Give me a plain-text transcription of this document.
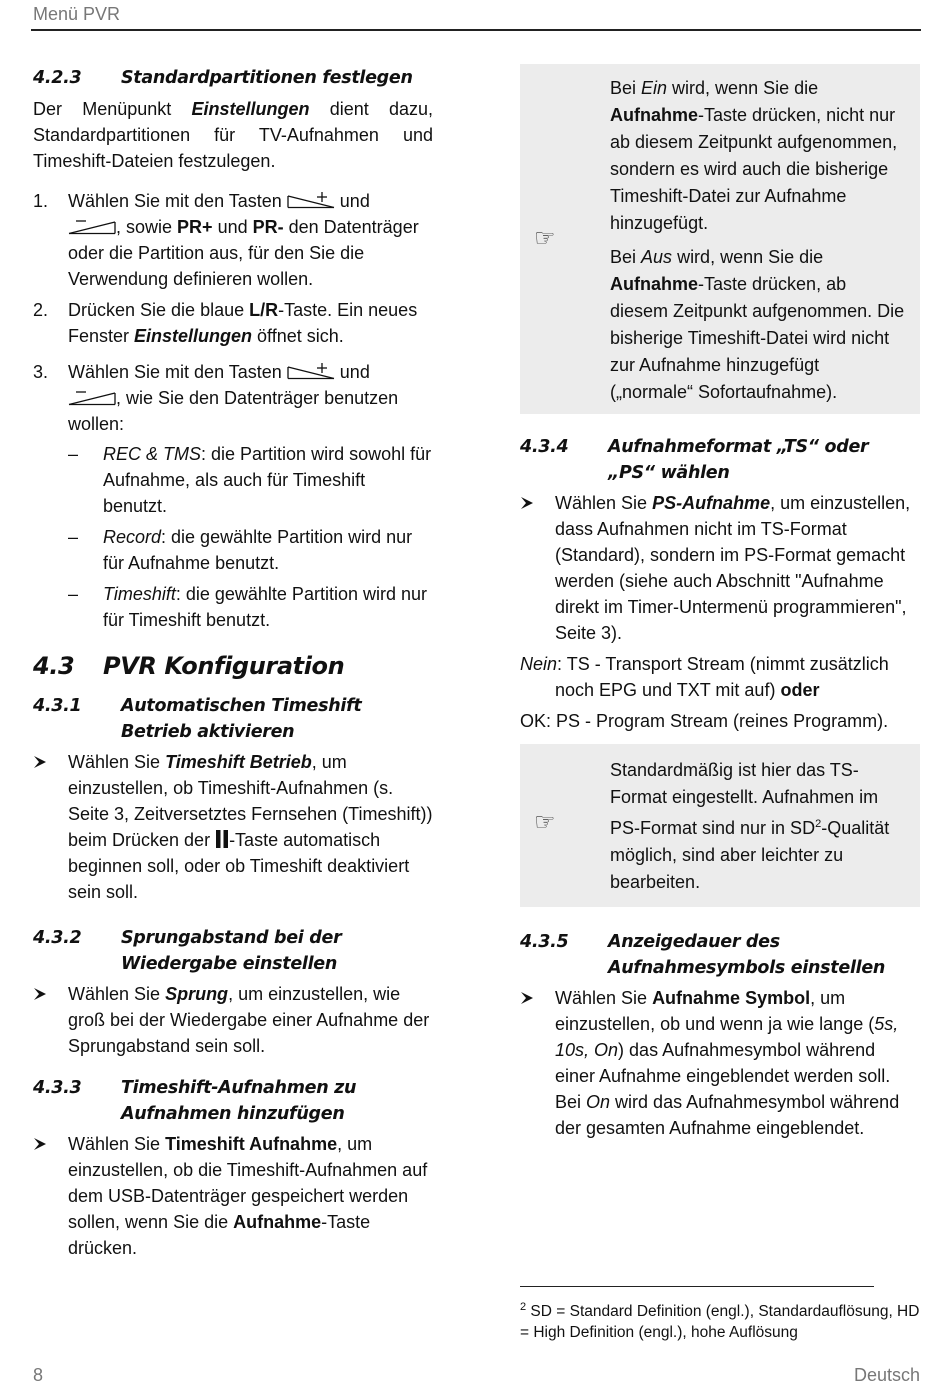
Menü PVR
4.2.3	Standardpartitionen festlegen

Der Menüpunkt Einstellungen dient dazu, Standardpartitionen für TV-Aufnahmen und Timeshift-Dateien festzulegen.

1.	Wählen Sie mit den Tasten	und
, sowie PR+ und PR- den Datenträger oder die Partition aus, für den Sie die Verwendung definieren wollen.
2.	Drücken Sie die blaue L/R-Taste. Ein neues Fenster Einstellungen öffnet sich.
3.	Wählen Sie mit den Tasten	und
, wie Sie den Datenträger benutzen wollen:
–	REC & TMS: die Partition wird sowohl für Aufnahme, als auch für Timeshift benutzt.
–	Record: die gewählte Partition wird nur für Aufnahme benutzt.
–	Timeshift: die gewählte Partition wird nur für Timeshift benutzt.
4.3	PVR Konfiguration
4.3.1	Automatischen Timeshift Betrieb aktivieren
Wählen Sie Timeshift Betrieb, um einzustellen, ob Timeshift-Aufnahmen (s. Seite 3, Zeitversetztes Fernsehen (Timeshift)) beim Drücken der -Taste automatisch beginnen soll, oder ob Timeshift deaktiviert sein soll.
4.3.2	Sprungabstand bei der Wiedergabe einstellen
Wählen Sie Sprung, um einzustellen, wie groß bei der Wiedergabe einer Aufnahme der Sprungabstand sein soll.
4.3.3	Timeshift-Aufnahmen zu Aufnahmen hinzufügen
Wählen Sie Timeshift Aufnahme, um einzustellen, ob die Timeshift-Aufnahmen auf dem USB-Datenträger gespeichert werden sollen, wenn Sie die Aufnahme-Taste drücken.
☞

Bei Ein wird, wenn Sie die Aufnahme-Taste drücken, nicht nur ab diesem Zeitpunkt aufgenommen, sondern es wird auch die bisherige Timeshift-Datei zur Aufnahme hinzugefügt.

Bei Aus wird, wenn Sie die Aufnahme-Taste drücken, ab diesem Zeitpunkt aufgenommen. Die bisherige Timeshift-Datei wird nicht zur Aufnahme hinzugefügt („normale“ Sofortaufnahme).

4.3.4	Aufnahmeformat „TS“ oder „PS“ wählen
Wählen Sie PS-Aufnahme, um einzustellen, dass Aufnahmen nicht im TS-Format (Standard), sondern im PS-Format gemacht werden (siehe auch Abschnitt "Aufnahme direkt im Timer-Untermenü programmieren", Seite 3).

Nein: TS - Transport Stream (nimmt zusätzlich noch EPG und TXT mit auf) oder

OK: PS - Program Stream (reines Programm).

☞

Standardmäßig ist hier das TS-Format eingestellt. Aufnahmen im PS-Format sind nur in $SD^2$-Qualität möglich, sind aber leichter zu bearbeiten.

4.3.5	Anzeigedauer des Aufnahmesymbols einstellen
Wählen Sie Aufnahme Symbol, um einzustellen, ob und wenn ja wie lange (5s, 10s, On) das Aufnahmesymbol während einer Aufnahme eingeblendet werden soll. Bei On wird das Aufnahmesymbol während der gesamten Aufnahme eingeblendet.
$^2$ SD = Standard Definition (engl.), Standardauflösung, HD = High Definition (engl.), hohe Auflösung
8	Deutsch
